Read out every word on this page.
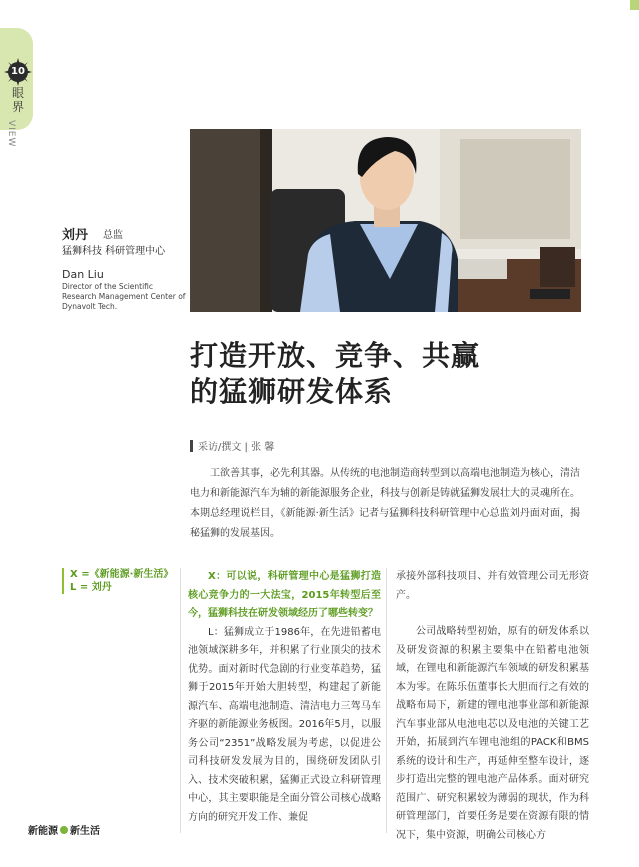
10
眼界
VIEW
刘丹 总监
猛狮科技 科研管理中心
Dan Liu
Director of the Scientific Research Management Center of Dynavolt Tech.
打造开放、竞争、共赢
的猛狮研发体系
采访/撰文 | 张 馨
工欲善其事，必先利其器。从传统的电池制造商转型到以高端电池制造为核心，清洁电力和新能源汽车为辅的新能源服务企业，科技与创新是铸就猛狮发展壮大的灵魂所在。本期总经理说栏目，《新能源·新生活》记者与猛狮科技科研管理中心总监刘丹面对面，揭秘猛狮的发展基因。
X =《新能源·新生活》
L = 刘丹
X：可以说，科研管理中心是猛狮打造核心竞争力的一大法宝，2015年转型后至今，猛狮科技在研发领域经历了哪些转变？
L：猛狮成立于1986年，在先进铅蓄电池领域深耕多年，并积累了行业顶尖的技术优势。面对新时代急剧的行业变革趋势，猛狮于2015年开始大胆转型，构建起了新能源汽车、高端电池制造、清洁电力三驾马车齐驱的新能源业务板图。2016年5月，以服务公司“2351”战略发展为考虑，以促进公司科技研发发展为目的，围绕研发团队引入、技术突破积累，猛狮正式设立科研管理中心，其主要职能是全面分管公司核心战略方向的研究开发工作、兼促
承接外部科技项目、并有效管理公司无形资产。
公司战略转型初始，原有的研发体系以及研发资源的积累主要集中在铅蓄电池领域，在锂电和新能源汽车领域的研发积累基本为零。在陈乐伍董事长大胆而行之有效的战略布局下，新建的锂电池事业部和新能源汽车事业部从电池电芯以及电池的关键工艺开始，拓展到汽车锂电池组的PACK和BMS系统的设计和生产，再延伸至整车设计，逐步打造出完整的锂电池产品体系。面对研究范围广、研究积累较为薄弱的现状，作为科研管理部门，首要任务是要在资源有限的情况下，集中资源，明确公司核心方
新能源 新生活
